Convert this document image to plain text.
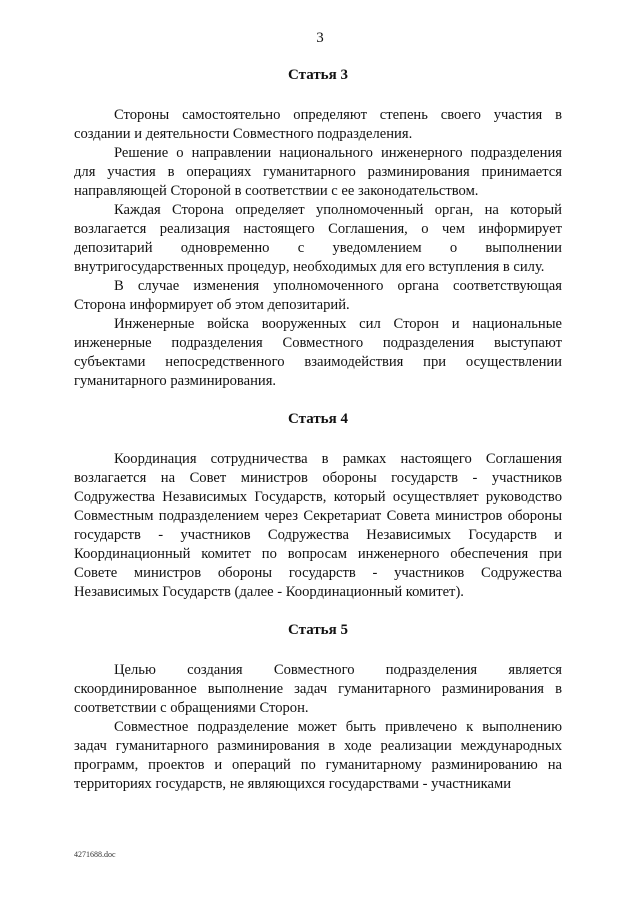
3
Статья 3

Стороны самостоятельно определяют степень своего участия в создании и деятельности Совместного подразделения.

Решение о направлении национального инженерного подразделения для участия в операциях гуманитарного разминирования принимается направляющей Стороной в соответствии с ее законодательством.

Каждая Сторона определяет уполномоченный орган, на который возлагается реализация настоящего Соглашения, о чем информирует депозитарий одновременно с уведомлением о выполнении внутригосударственных процедур, необходимых для его вступления в силу.

В случае изменения уполномоченного органа соответствующая Сторона информирует об этом депозитарий.

Инженерные войска вооруженных сил Сторон и национальные инженерные подразделения Совместного подразделения выступают субъектами непосредственного взаимодействия при осуществлении гуманитарного разминирования.

Статья 4

Координация сотрудничества в рамках настоящего Соглашения возлагается на Совет министров обороны государств - участников Содружества Независимых Государств, который осуществляет руководство Совместным подразделением через Секретариат Совета министров обороны государств - участников Содружества Независимых Государств и Координационный комитет по вопросам инженерного обеспечения при Совете министров обороны государств - участников Содружества Независимых Государств (далее - Координационный комитет).

Статья 5

Целью создания Совместного подразделения является скоординированное выполнение задач гуманитарного разминирования в соответствии с обращениями Сторон.

Совместное подразделение может быть привлечено к выполнению задач гуманитарного разминирования в ходе реализации международных программ, проектов и операций по гуманитарному разминированию на территориях государств, не являющихся государствами - участниками

4271688.doc
